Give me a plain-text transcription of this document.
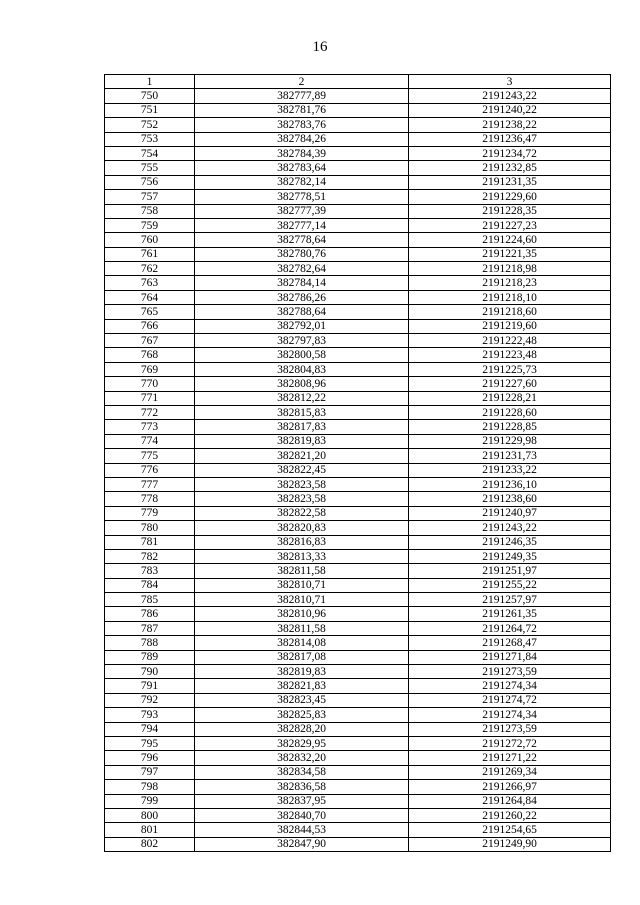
16
1	2	3
750	382777,89	2191243,22
751	382781,76	2191240,22
752	382783,76	2191238,22
753	382784,26	2191236,47
754	382784,39	2191234,72
755	382783,64	2191232,85
756	382782,14	2191231,35
757	382778,51	2191229,60
758	382777,39	2191228,35
759	382777,14	2191227,23
760	382778,64	2191224,60
761	382780,76	2191221,35
762	382782,64	2191218,98
763	382784,14	2191218,23
764	382786,26	2191218,10
765	382788,64	2191218,60
766	382792,01	2191219,60
767	382797,83	2191222,48
768	382800,58	2191223,48
769	382804,83	2191225,73
770	382808,96	2191227,60
771	382812,22	2191228,21
772	382815,83	2191228,60
773	382817,83	2191228,85
774	382819,83	2191229,98
775	382821,20	2191231,73
776	382822,45	2191233,22
777	382823,58	2191236,10
778	382823,58	2191238,60
779	382822,58	2191240,97
780	382820,83	2191243,22
781	382816,83	2191246,35
782	382813,33	2191249,35
783	382811,58	2191251,97
784	382810,71	2191255,22
785	382810,71	2191257,97
786	382810,96	2191261,35
787	382811,58	2191264,72
788	382814,08	2191268,47
789	382817,08	2191271,84
790	382819,83	2191273,59
791	382821,83	2191274,34
792	382823,45	2191274,72
793	382825,83	2191274,34
794	382828,20	2191273,59
795	382829,95	2191272,72
796	382832,20	2191271,22
797	382834,58	2191269,34
798	382836,58	2191266,97
799	382837,95	2191264,84
800	382840,70	2191260,22
801	382844,53	2191254,65
802	382847,90	2191249,90
